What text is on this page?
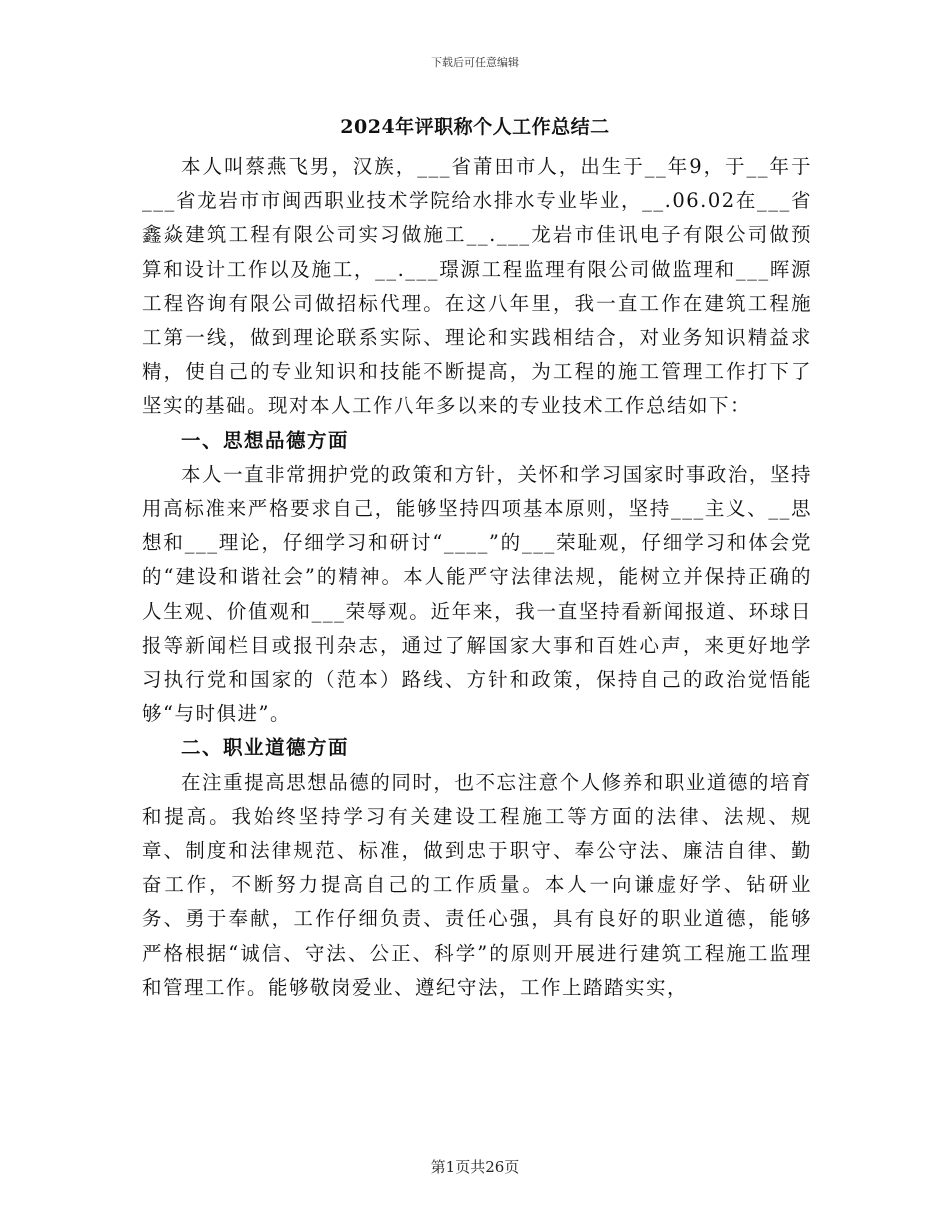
下载后可任意编辑
2024年评职称个人工作总结二

本人叫蔡燕飞男，汉族，___省莆田市人，出生于__年9，于__年于___省龙岩市市闽西职业技术学院给水排水专业毕业，__.06.02在___省鑫焱建筑工程有限公司实习做施工__.___龙岩市佳讯电子有限公司做预算和设计工作以及施工，__.___璟源工程监理有限公司做监理和___晖源工程咨询有限公司做招标代理。在这八年里，我一直工作在建筑工程施工第一线，做到理论联系实际、理论和实践相结合，对业务知识精益求精，使自己的专业知识和技能不断提高，为工程的施工管理工作打下了坚实的基础。现对本人工作八年多以来的专业技术工作总结如下：

一、思想品德方面

本人一直非常拥护党的政策和方针，关怀和学习国家时事政治，坚持用高标准来严格要求自己，能够坚持四项基本原则，坚持___主义、__思想和___理论，仔细学习和研讨“____”的___荣耻观，仔细学习和体会党的“建设和谐社会”的精神。本人能严守法律法规，能树立并保持正确的人生观、价值观和___荣辱观。近年来，我一直坚持看新闻报道、环球日报等新闻栏目或报刊杂志，通过了解国家大事和百姓心声，来更好地学习执行党和国家的（范本）路线、方针和政策，保持自己的政治觉悟能够“与时俱进”。

二、职业道德方面

在注重提高思想品德的同时，也不忘注意个人修养和职业道德的培育和提高。我始终坚持学习有关建设工程施工等方面的法律、法规、规章、制度和法律规范、标准，做到忠于职守、奉公守法、廉洁自律、勤奋工作，不断努力提高自己的工作质量。本人一向谦虚好学、钻研业务、勇于奉献，工作仔细负责、责任心强，具有良好的职业道德，能够严格根据“诚信、守法、公正、科学”的原则开展进行建筑工程施工监理和管理工作。能够敬岗爱业、遵纪守法，工作上踏踏实实，

第1页共26页
